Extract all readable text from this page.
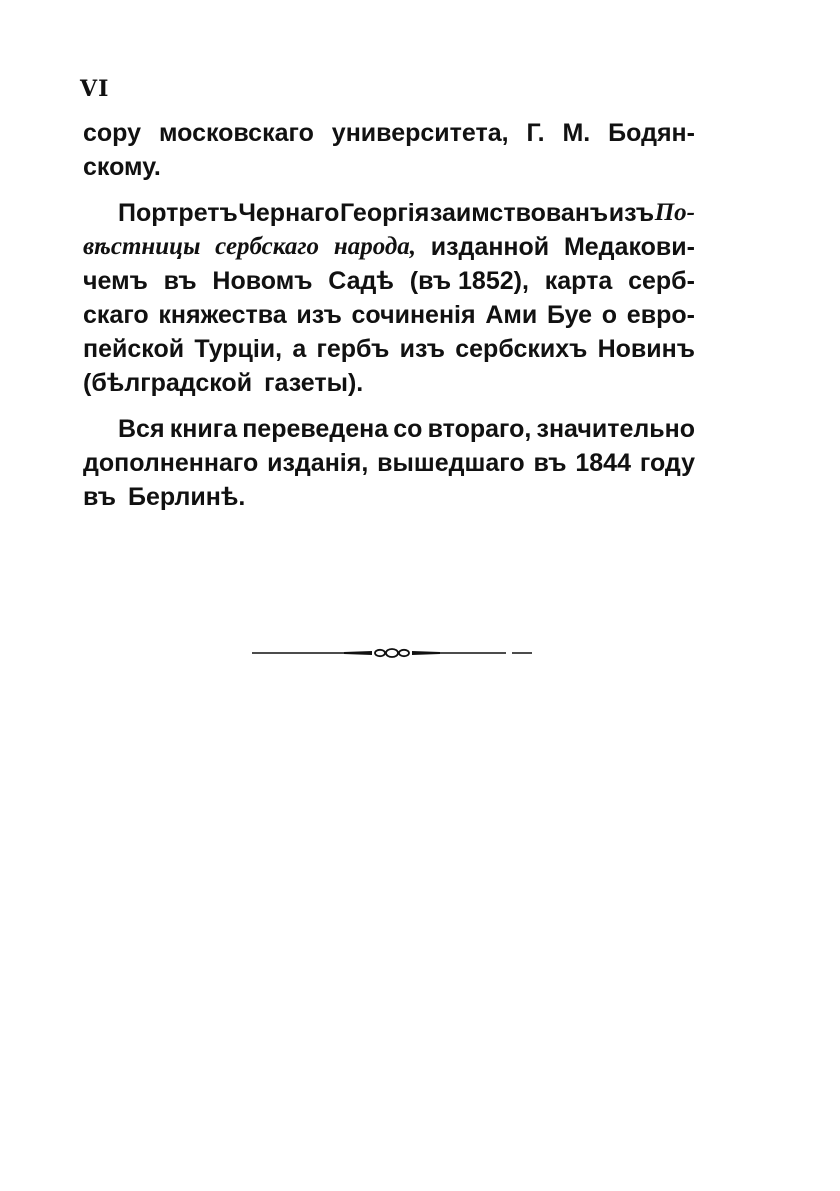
VI
сору московскаго университета, Г. М. Бодян-
скому.
Портретъ Чернаго Георгія заимствованъ изъ По-
вѣстницы сербскаго народа, изданной Медакови-
чемъ въ Новомъ Садѣ (въ 1852), карта серб-
скаго княжества изъ сочиненія Ами Буе о евро-
пейской Турціи, а гербъ изъ сербскихъ Новинъ
(бѣлградской газеты).
Вся книга переведена со втораго, значительно
дополненнаго изданія, вышедшаго въ 1844 году
въ Берлинѣ.
